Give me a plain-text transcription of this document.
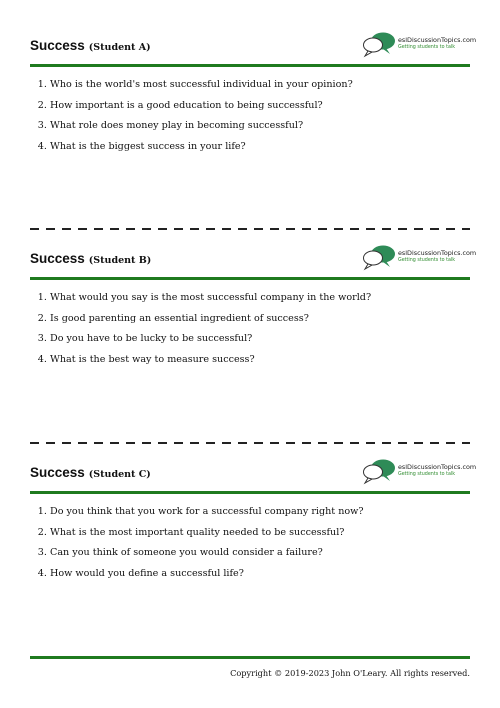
Success (Student A)
eslDiscussionTopics.com
Getting students to talk
1. Who is the world's most successful individual in your opinion?
2. How important is a good education to being successful?
3. What role does money play in becoming successful?
4. What is the biggest success in your life?
Success (Student B)
eslDiscussionTopics.com
Getting students to talk
1. What would you say is the most successful company in the world?
2. Is good parenting an essential ingredient of success?
3. Do you have to be lucky to be successful?
4. What is the best way to measure success?
Success (Student C)
eslDiscussionTopics.com
Getting students to talk
1. Do you think that you work for a successful company right now?
2. What is the most important quality needed to be successful?
3. Can you think of someone you would consider a failure?
4. How would you define a successful life?
Copyright © 2019-2023 John O'Leary. All rights reserved.
